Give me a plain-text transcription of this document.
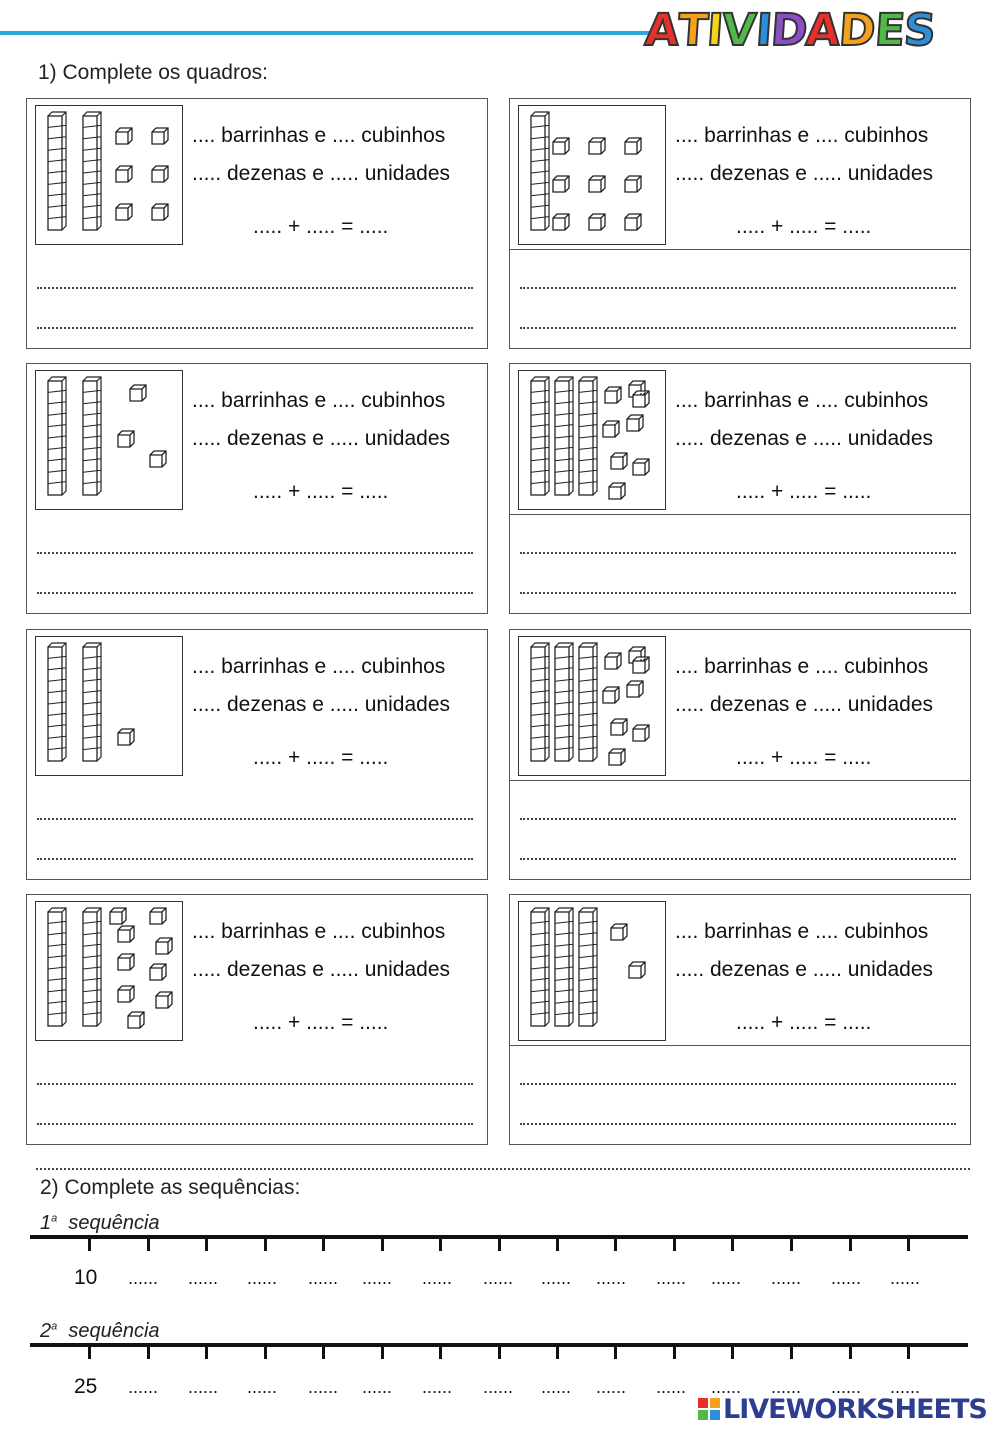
ATIVIDADES
1) Complete os quadros:
.... barrinhas e .... cubinhos
..... dezenas e ..... unidades
..... + ..... = .....
.... barrinhas e .... cubinhos
..... dezenas e ..... unidades
..... + ..... = .....
.... barrinhas e .... cubinhos
..... dezenas e ..... unidades
..... + ..... = .....
.... barrinhas e .... cubinhos
..... dezenas e ..... unidades
..... + ..... = .....
.... barrinhas e .... cubinhos
..... dezenas e ..... unidades
..... + ..... = .....
.... barrinhas e .... cubinhos
..... dezenas e ..... unidades
..... + ..... = .....
.... barrinhas e .... cubinhos
..... dezenas e ..... unidades
..... + ..... = .....
.... barrinhas e .... cubinhos
..... dezenas e ..... unidades
..... + ..... = .....
2) Complete as sequências:
1$^a$ sequência
10 ...... ...... ...... ...... ...... ...... ...... ...... ...... ...... ...... ...... ...... ......
2$^a$ sequência
25 ...... ...... ...... ...... ...... ...... ...... ...... ...... ...... ...... ...... ...... ......
LIVEWORKSHEETS
